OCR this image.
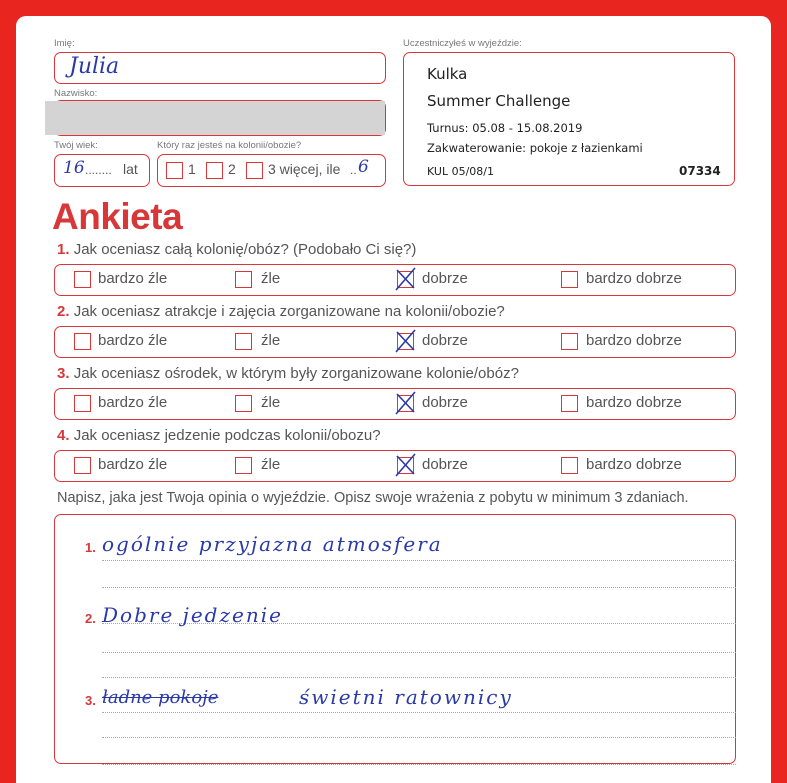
Imię:
Julia
Nazwisko:
Twój wiek:
16 ........ lat
Który raz jesteś na kolonii/obozie?
1 2 3 więcej, ile .. 6
Uczestniczyłeś w wyjeździe:
Kulka
Summer Challenge
Turnus: 05.08 - 15.08.2019
Zakwaterowanie: pokoje z łazienkami
KUL 05/08/1	07334
Ankieta
1. Jak oceniasz całą kolonię/obóz? (Podobało Ci się?)
bardzo źle	źle	dobrze	bardzo dobrze
2. Jak oceniasz atrakcje i zajęcia zorganizowane na kolonii/obozie?
bardzo źle	źle	dobrze	bardzo dobrze
3. Jak oceniasz ośrodek, w którym były zorganizowane kolonie/obóz?
bardzo źle	źle	dobrze	bardzo dobrze
4. Jak oceniasz jedzenie podczas kolonii/obozu?
bardzo źle	źle	dobrze	bardzo dobrze
Napisz, jaka jest Twoja opinia o wyjeździe. Opisz swoje wrażenia z pobytu w minimum 3 zdaniach.
1. ogólnie przyjazna atmosfera
2. Dobre jedzenie
3. ładne pokoje	świetni ratownicy
